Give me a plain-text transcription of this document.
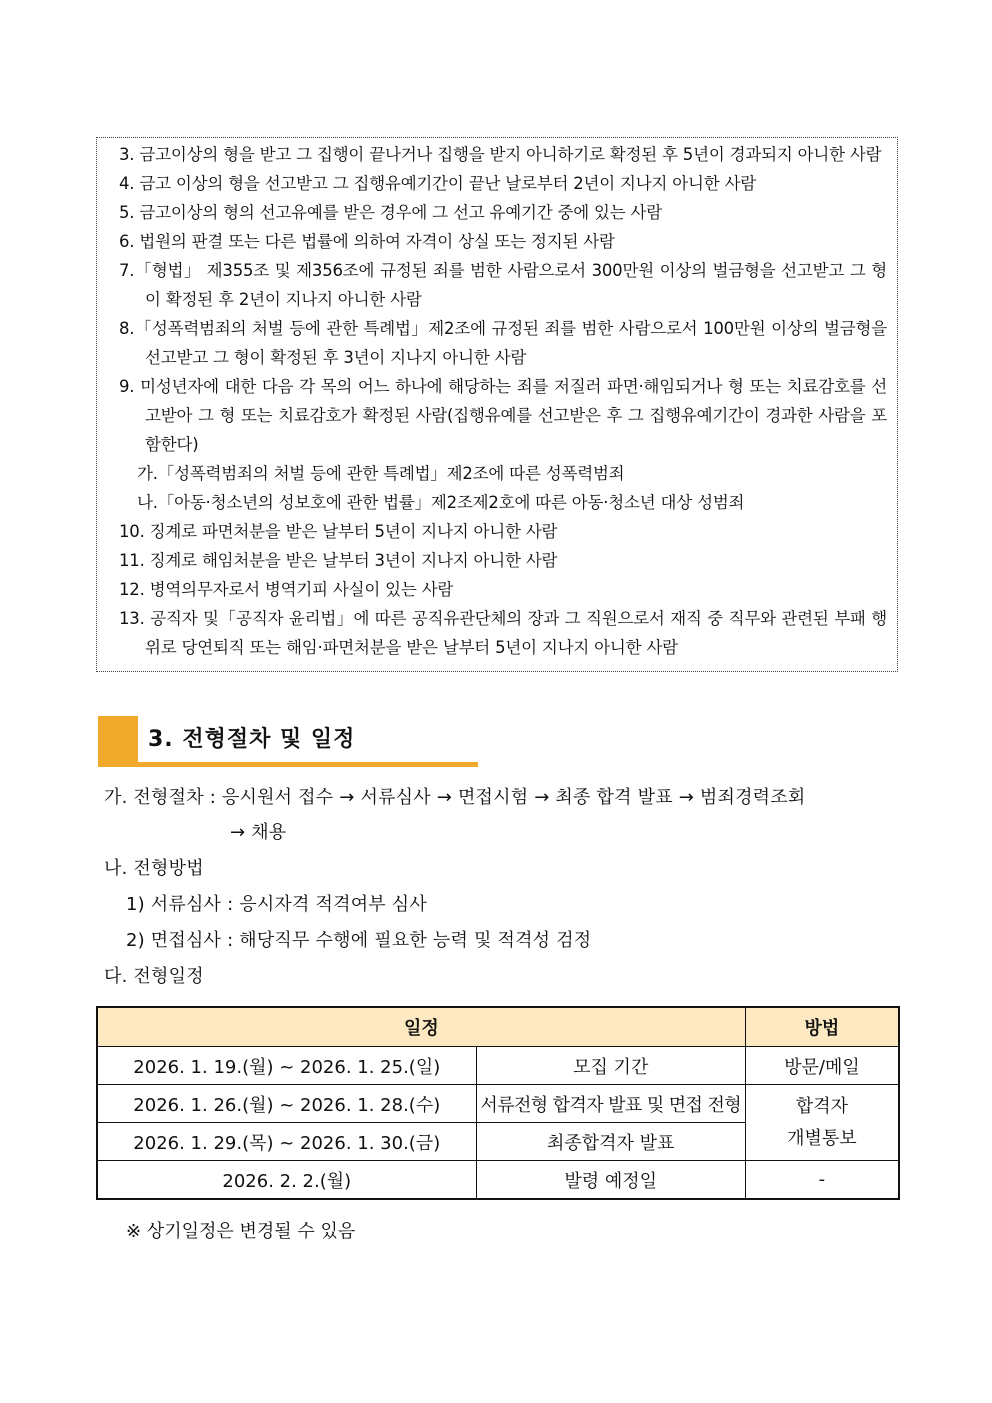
3. 금고이상의 형을 받고 그 집행이 끝나거나 집행을 받지 아니하기로 확정된 후 5년이 경과되지 아니한 사람
4. 금고 이상의 형을 선고받고 그 집행유예기간이 끝난 날로부터 2년이 지나지 아니한 사람
5. 금고이상의 형의 선고유예를 받은 경우에 그 선고 유예기간 중에 있는 사람
6. 법원의 판결 또는 다른 법률에 의하여 자격이 상실 또는 정지된 사람
7.「형법」 제355조 및 제356조에 규정된 죄를 범한 사람으로서 300만원 이상의 벌금형을 선고받고 그 형이 확정된 후 2년이 지나지 아니한 사람
8.「성폭력범죄의 처벌 등에 관한 특례법」제2조에 규정된 죄를 범한 사람으로서 100만원 이상의 벌금형을 선고받고 그 형이 확정된 후 3년이 지나지 아니한 사람
9. 미성년자에 대한 다음 각 목의 어느 하나에 해당하는 죄를 저질러 파면·해임되거나 형 또는 치료감호를 선고받아 그 형 또는 치료감호가 확정된 사람(집행유예를 선고받은 후 그 집행유예기간이 경과한 사람을 포함한다)
가.「성폭력범죄의 처벌 등에 관한 특례법」제2조에 따른 성폭력범죄
나.「아동·청소년의 성보호에 관한 법률」제2조제2호에 따른 아동·청소년 대상 성범죄
10. 징계로 파면처분을 받은 날부터 5년이 지나지 아니한 사람
11. 징계로 해임처분을 받은 날부터 3년이 지나지 아니한 사람
12. 병역의무자로서 병역기피 사실이 있는 사람
13. 공직자 및「공직자 윤리법」에 따른 공직유관단체의 장과 그 직원으로서 재직 중 직무와 관련된 부패 행위로 당연퇴직 또는 해임·파면처분을 받은 날부터 5년이 지나지 아니한 사람
3. 전형절차 및 일정
가. 전형절차 : 응시원서 접수 → 서류심사 → 면접시험 → 최종 합격 발표 → 범죄경력조회
→ 채용
나. 전형방법
1) 서류심사 : 응시자격 적격여부 심사
2) 면접심사 : 해당직무 수행에 필요한 능력 및 적격성 검정
다. 전형일정
일정		방법
2026. 1. 19.(월) ~ 2026. 1. 25.(일)	모집 기간	방문/메일
2026. 1. 26.(월) ~ 2026. 1. 28.(수)	서류전형 합격자 발표 및 면접 전형	합격자
개별통보
2026. 1. 29.(목) ~ 2026. 1. 30.(금)	최종합격자 발표	
2026. 2. 2.(월)	발령 예정일	-
※ 상기일정은 변경될 수 있음
